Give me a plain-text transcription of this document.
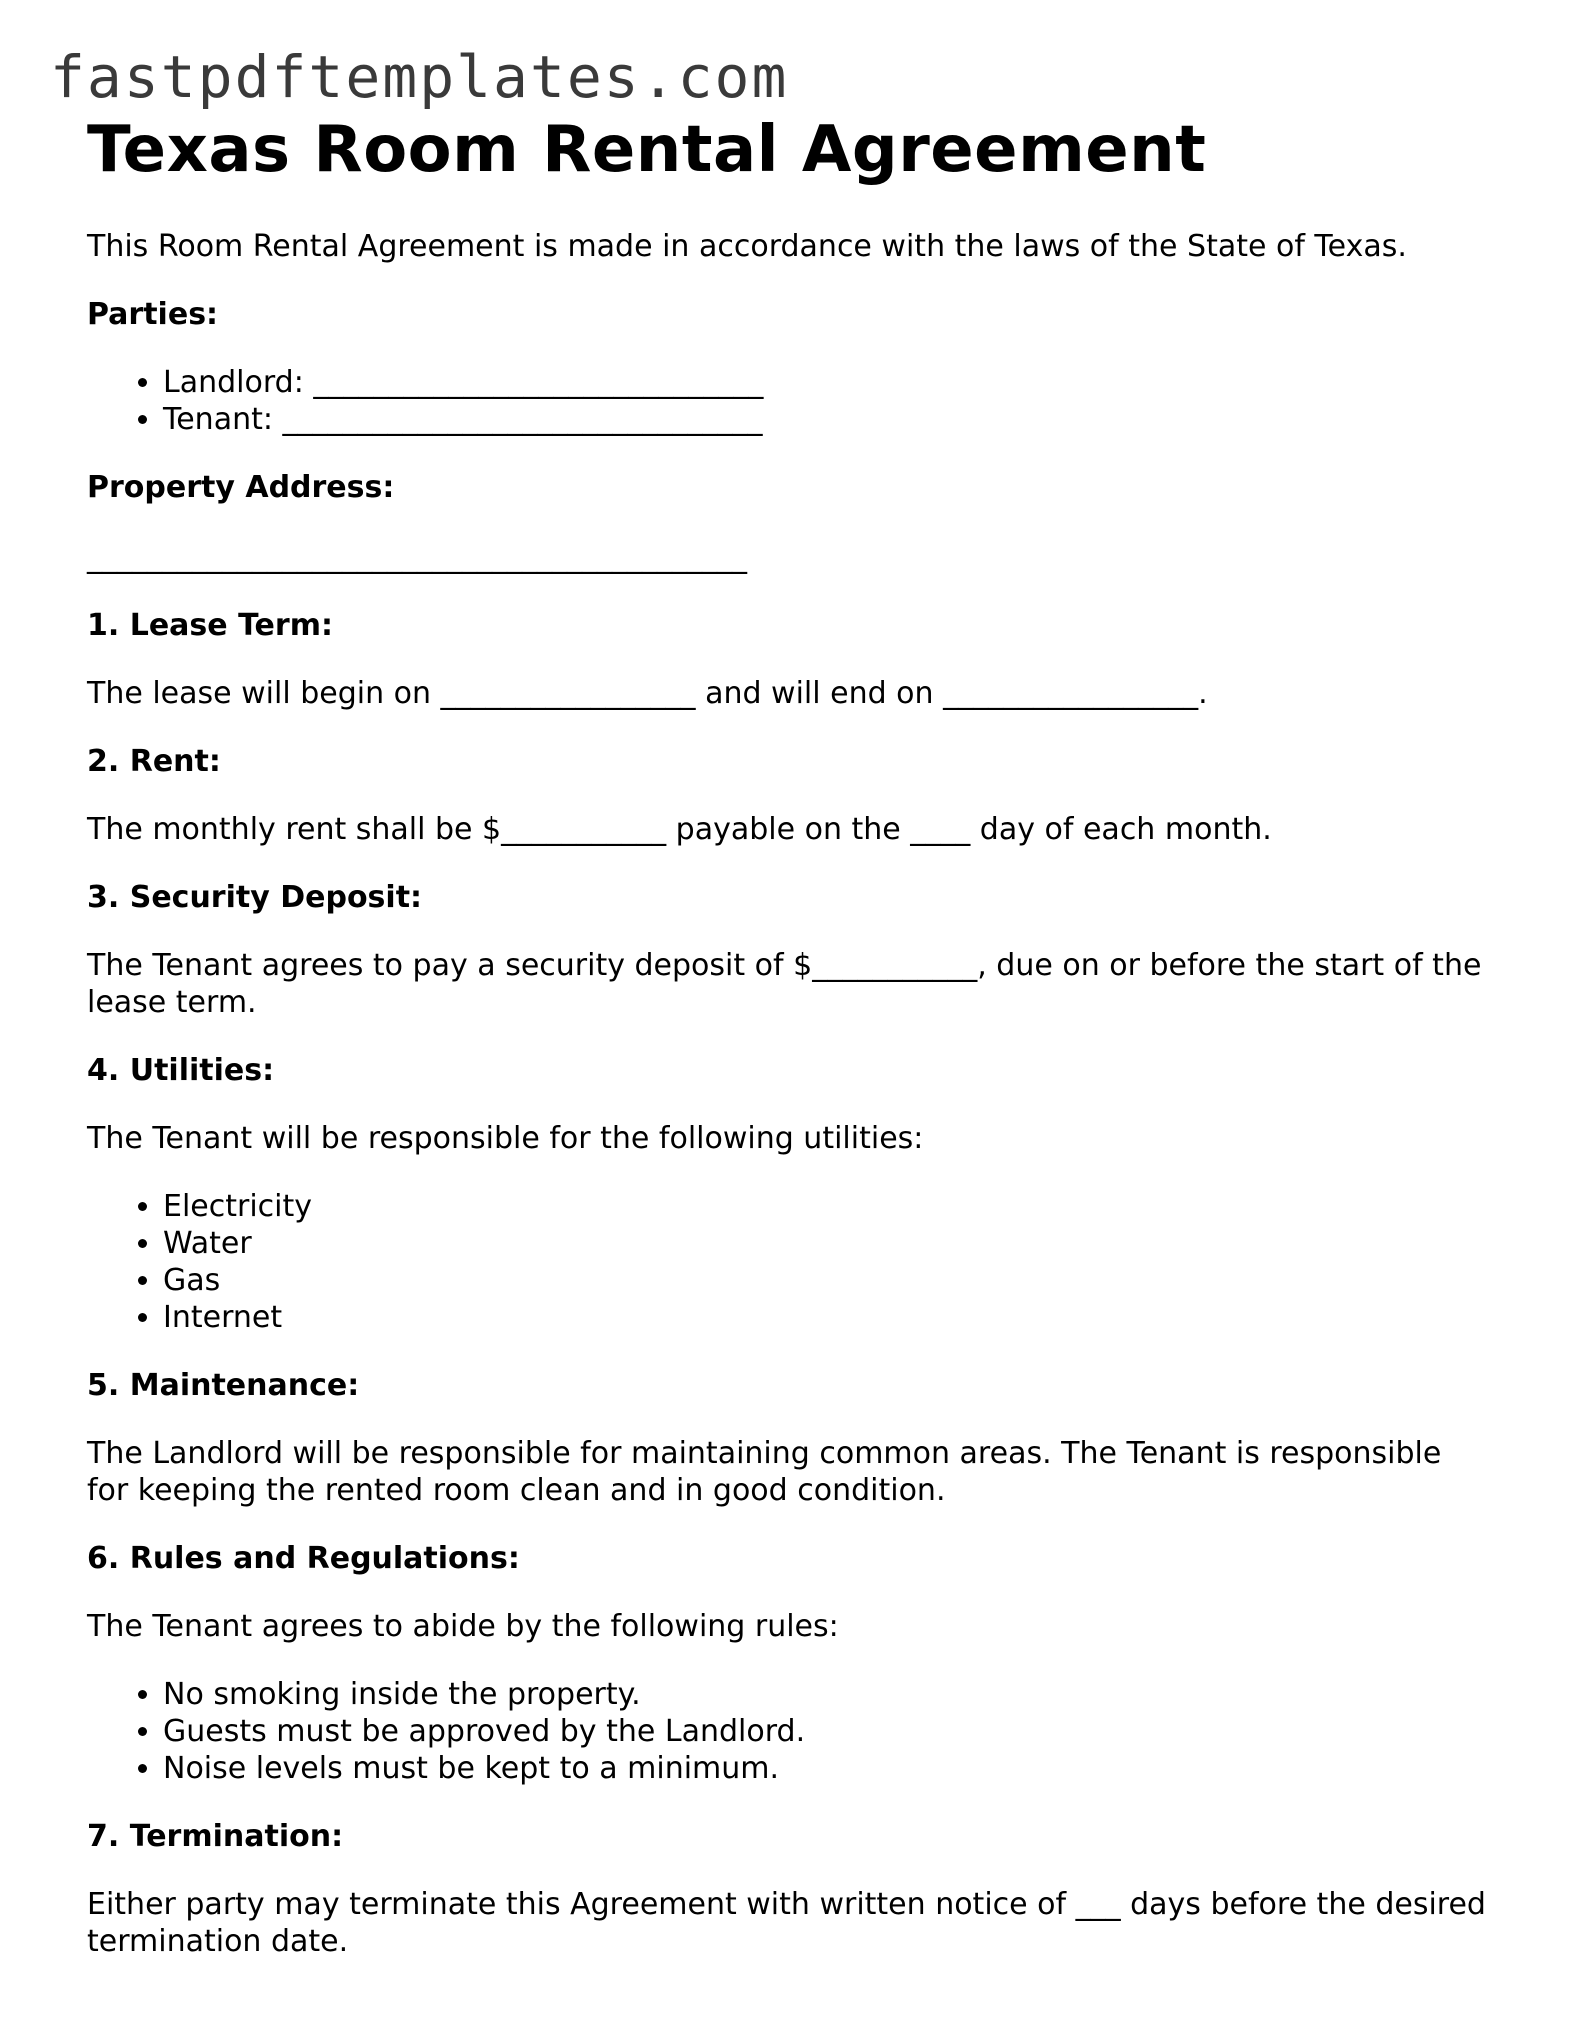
fastpdftemplates.com
Texas Room Rental Agreement

This Room Rental Agreement is made in accordance with the laws of the State of Texas.

Parties:

• Landlord: ______________________________
• Tenant: ________________________________

Property Address:

____________________________________________

1. Lease Term:

The lease will begin on _________________ and will end on _________________.

2. Rent:

The monthly rent shall be $___________ payable on the ____ day of each month.

3. Security Deposit:

The Tenant agrees to pay a security deposit of $___________, due on or before the start of the lease term.

4. Utilities:

The Tenant will be responsible for the following utilities:

• Electricity
• Water
• Gas
• Internet

5. Maintenance:

The Landlord will be responsible for maintaining common areas. The Tenant is responsible for keeping the rented room clean and in good condition.

6. Rules and Regulations:

The Tenant agrees to abide by the following rules:

• No smoking inside the property.
• Guests must be approved by the Landlord.
• Noise levels must be kept to a minimum.

7. Termination:

Either party may terminate this Agreement with written notice of ___ days before the desired termination date.
